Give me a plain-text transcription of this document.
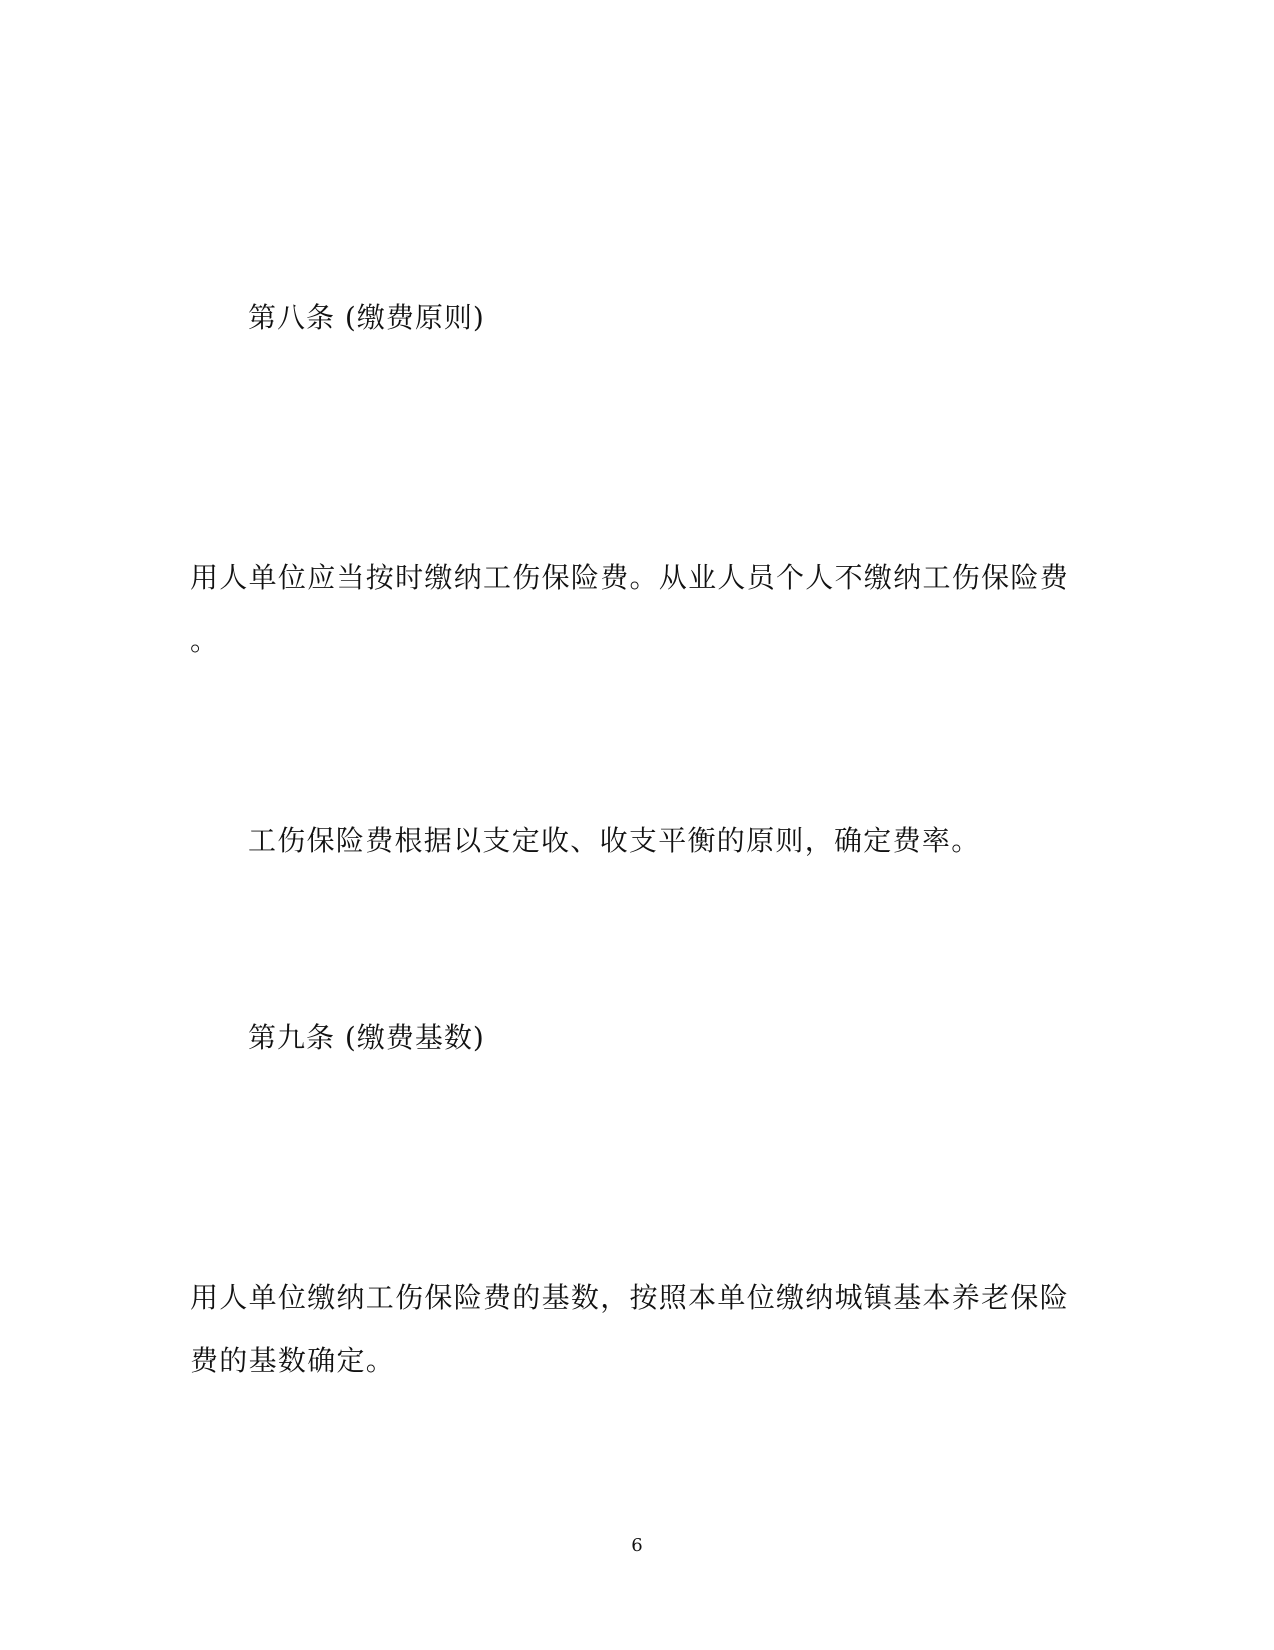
第八条 (缴费原则)
用人单位应当按时缴纳工伤保险费。从业人员个人不缴纳工伤保险费
。
工伤保险费根据以支定收、收支平衡的原则，确定费率。
第九条 (缴费基数)
用人单位缴纳工伤保险费的基数，按照本单位缴纳城镇基本养老保险
费的基数确定。
6
